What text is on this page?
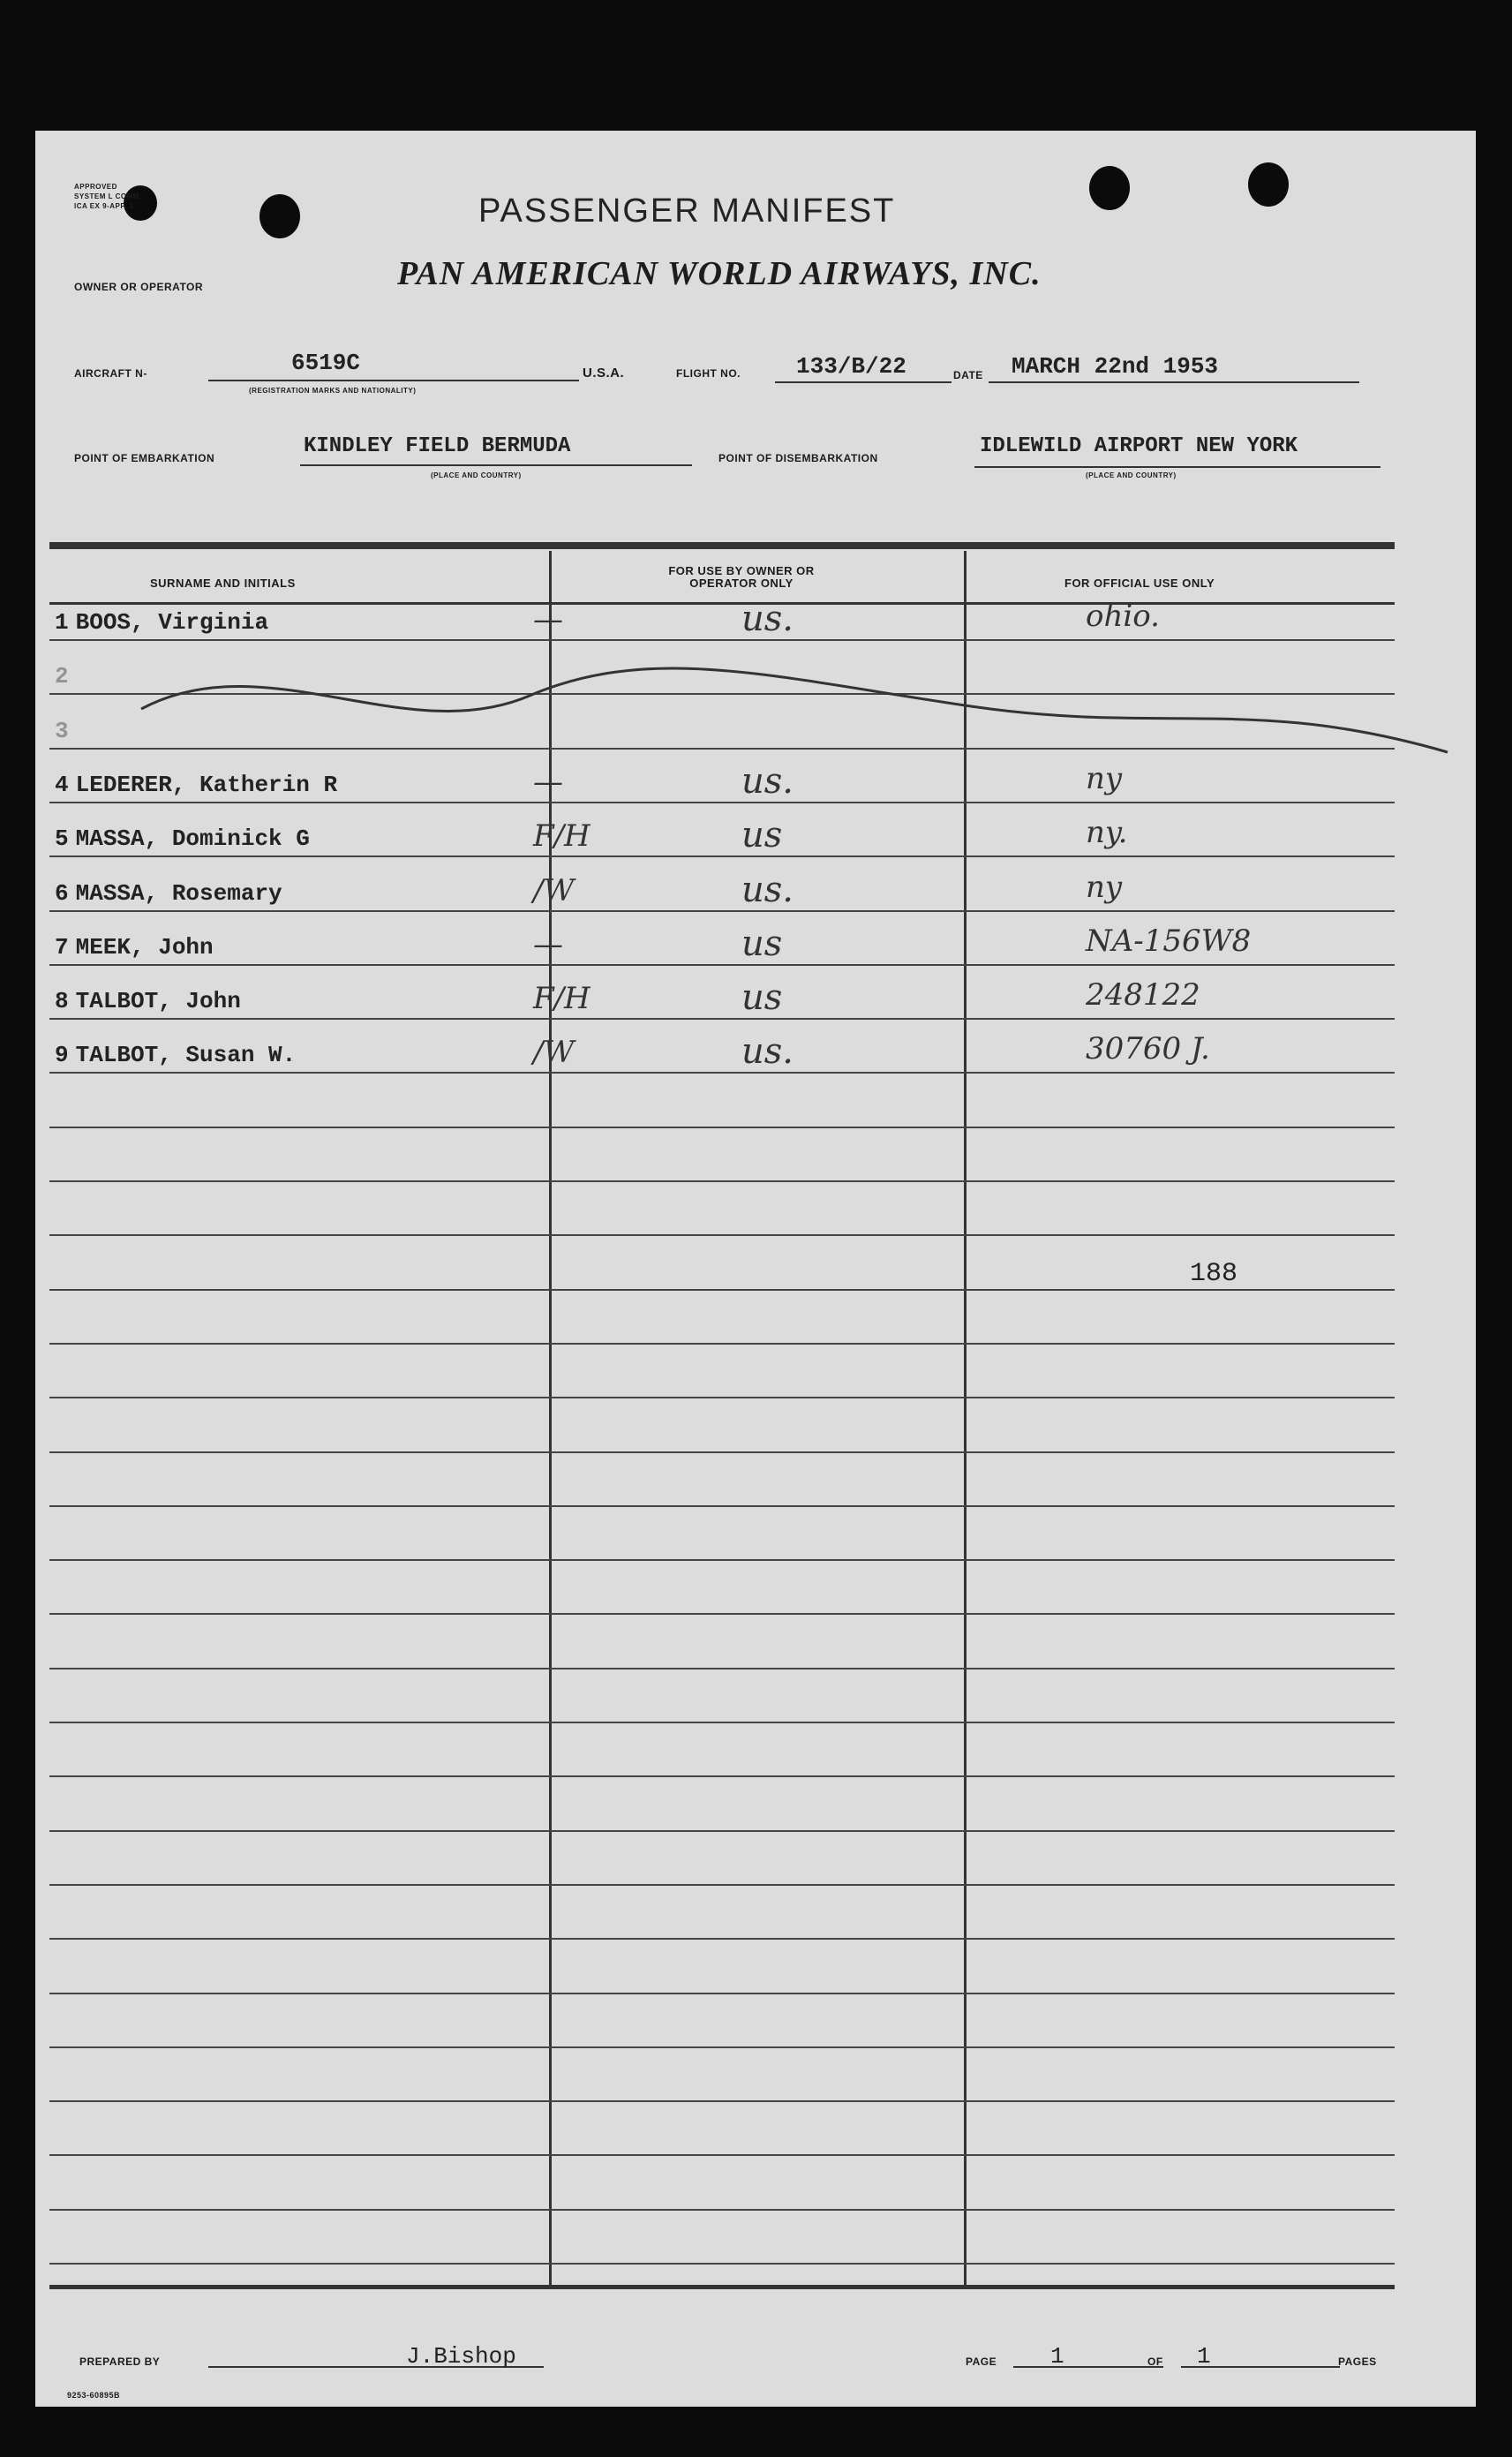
APPROVED
SYSTEM L COMM.
ICA EX 9-APP. 2	PASSENGER MANIFEST
PAN AMERICAN WORLD AIRWAYS, INC.
OWNER OR OPERATOR
AIRCRAFT N-	6519C
(REGISTRATION MARKS AND NATIONALITY)
U.S.A.	FLIGHT NO. 133/B/22	DATE MARCH 22nd 1953
POINT OF EMBARKATION	KINDLEY FIELD BERMUDA
(PLACE AND COUNTRY)
POINT OF DISEMBARKATION	IDLEWILD AIRPORT NEW YORK
(PLACE AND COUNTRY)
SURNAME AND INITIALS
FOR USE BY OWNER OR OPERATOR ONLY	FOR OFFICIAL USE ONLY
1 BOOS, Virginia	—	us.	ohio.
2
3
4 LEDERER, Katherin R	—	us.	ny
5 MASSA, Dominick G	F/H	us	ny.
6 MASSA, Rosemary	/W	us.	ny
7 MEEK, John	—	us	NA-156W8
8 TALBOT, John	F/H	us	248122
9 TALBOT, Susan W.	/W	us.	30760 J.
188
PREPARED BY	J.Bishop	PAGE 1	OF 1	PAGES
9253-60895B
